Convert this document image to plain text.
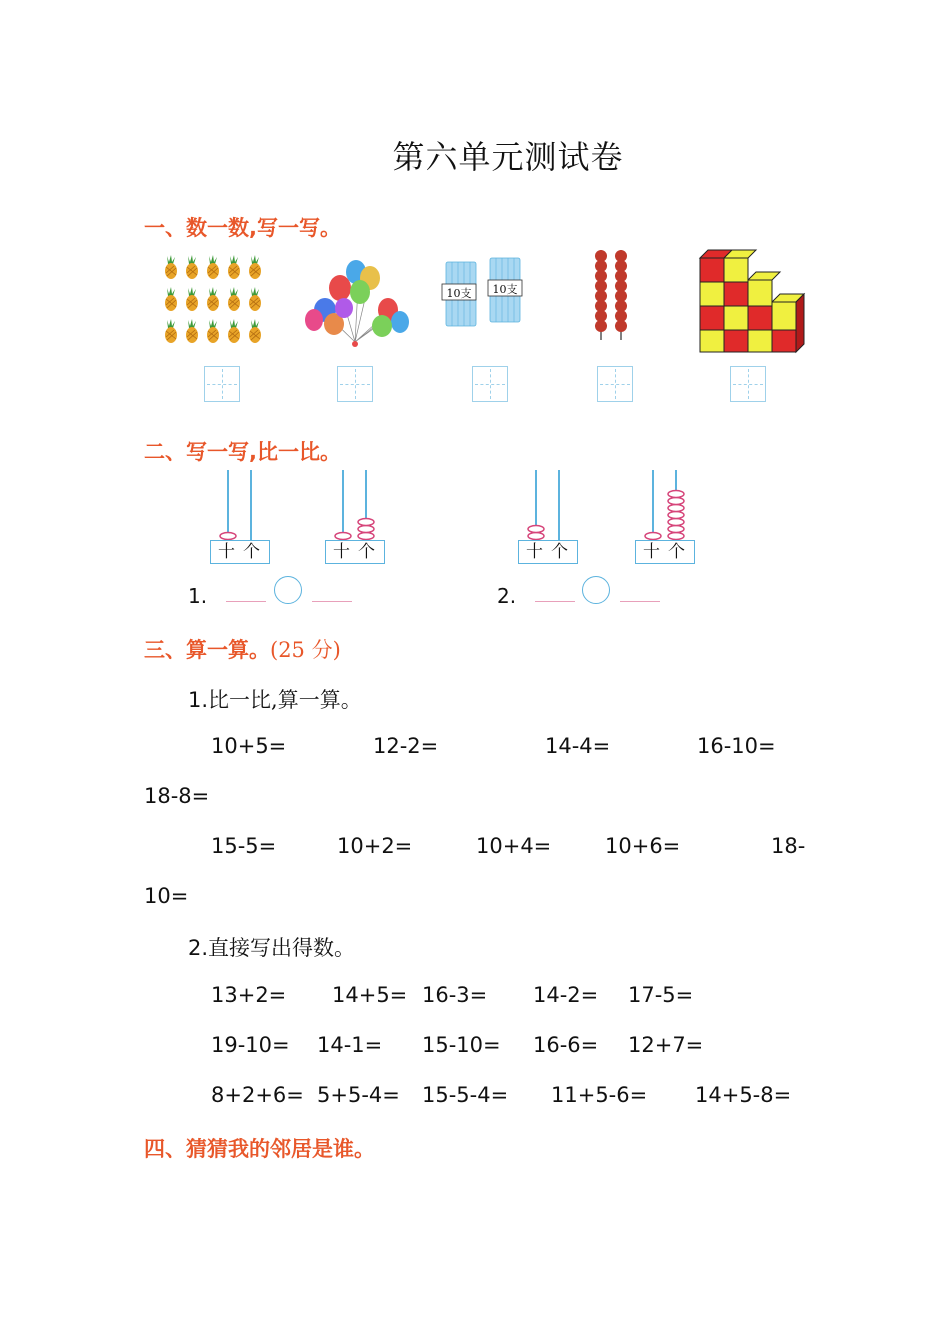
第六单元测试卷
一、数一数,写一写。
10支 10支
二、写一写,比一比。
十个	十个	十个	十个
1.	2.
三、算一算。(25 分)
1.比一比,算一算。
10+5=	12-2=	14-4=	16-10=
18-8=
15-5=	10+2=	10+4=	10+6=	18-
10=
2.直接写出得数。
13+2= 14+5= 16-3= 14-2= 17-5=
19-10= 14-1= 15-10= 16-6= 12+7=
8+2+6= 5+5-4= 15-5-4= 11+5-6= 14+5-8=
四、猜猜我的邻居是谁。
